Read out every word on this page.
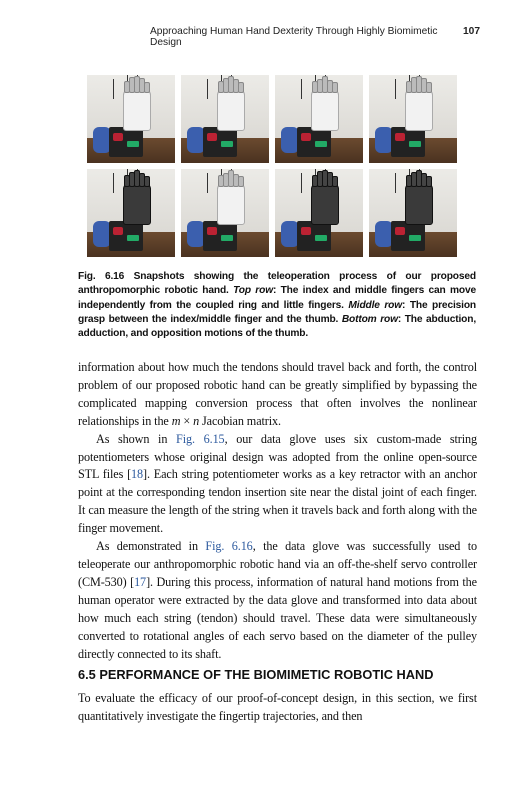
Approaching Human Hand Dexterity Through Highly Biomimetic Design
107
Fig. 6.16 Snapshots showing the teleoperation process of our proposed anthropomorphic robotic hand. Top row: The index and middle fingers can move independently from the coupled ring and little fingers. Middle row: The precision grasp between the index/middle finger and the thumb. Bottom row: The abduction, adduction, and opposition motions of the thumb.

information about how much the tendons should travel back and forth, the control problem of our proposed robotic hand can be greatly simplified by bypassing the complicated mapping conversion process that often involves the nonlinear relationships in the m × n Jacobian matrix.

As shown in Fig. 6.15, our data glove uses six custom-made string potentiometers whose original design was adopted from the online open-source STL files [18]. Each string potentiometer works as a key retractor with an anchor point at the corresponding tendon insertion site near the distal joint of each finger. It can measure the length of the string when it travels back and forth along with the finger movement.

As demonstrated in Fig. 6.16, the data glove was successfully used to teleoperate our anthropomorphic robotic hand via an off-the-shelf servo controller (CM-530) [17]. During this process, information of natural hand motions from the human operator were extracted by the data glove and transformed into data about how much each string (tendon) should travel. These data were simultaneously converted to rotational angles of each servo based on the diameter of the pulley directly connected to its shaft.

6.5 PERFORMANCE OF THE BIOMIMETIC ROBOTIC HAND

To evaluate the efficacy of our proof-of-concept design, in this section, we first quantitatively investigate the fingertip trajectories, and then
